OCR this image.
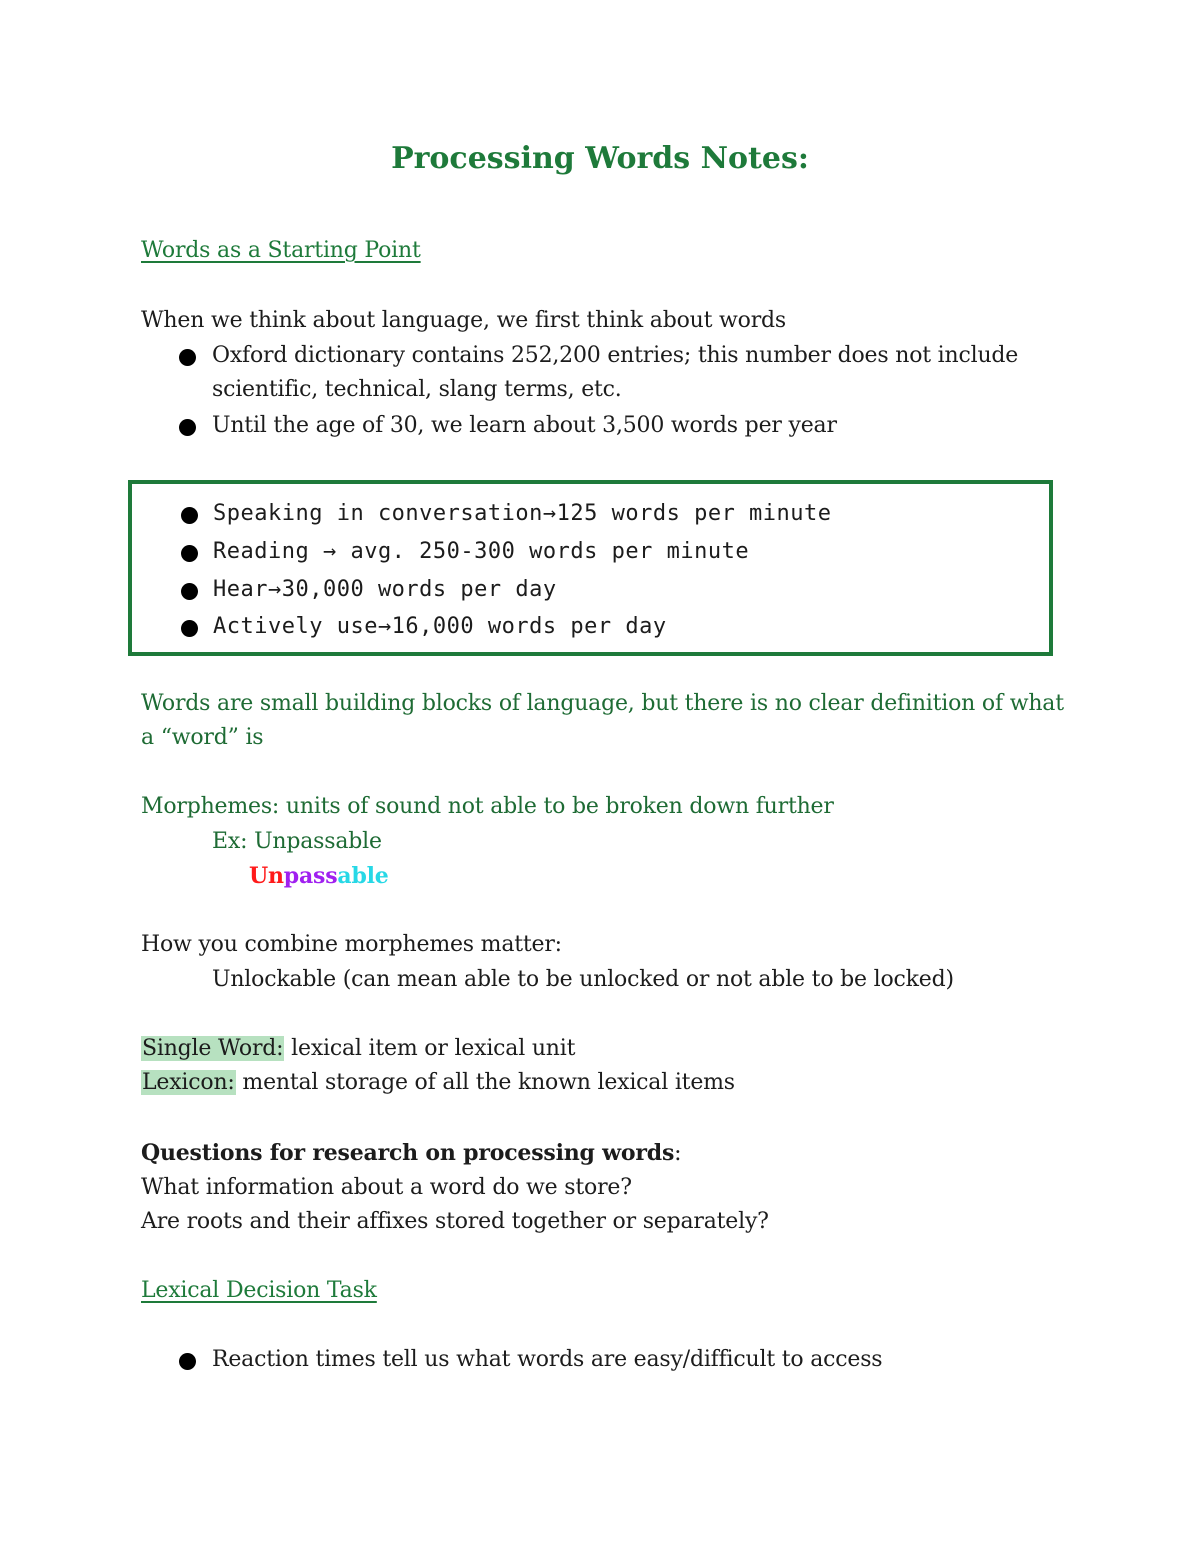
Processing Words Notes:
Words as a Starting Point
When we think about language, we first think about words
Oxford dictionary contains 252,200 entries; this number does not include
scientific, technical, slang terms, etc.
Until the age of 30, we learn about 3,500 words per year
Speaking in conversation→125 words per minute
Reading → avg. 250-300 words per minute
Hear→30,000 words per day
Actively use→16,000 words per day
Words are small building blocks of language, but there is no clear definition of what
a “word” is
Morphemes: units of sound not able to be broken down further
Ex: Unpassable
Unpassable
How you combine morphemes matter:
Unlockable (can mean able to be unlocked or not able to be locked)
Single Word: lexical item or lexical unit
Lexicon: mental storage of all the known lexical items
Questions for research on processing words:
What information about a word do we store?
Are roots and their affixes stored together or separately?
Lexical Decision Task
Reaction times tell us what words are easy/difficult to access
